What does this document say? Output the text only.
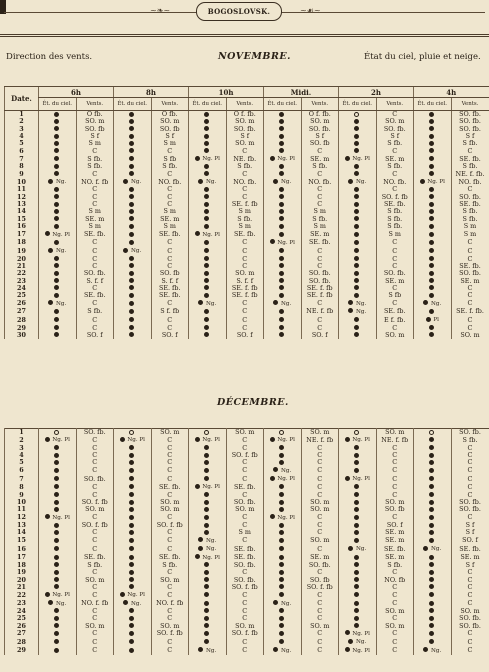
~❧~	BOGOSLOVSK.	~☙~
Direction des vents.	NOVEMBRE.	État du ciel, pluie et neige.
Date.	6h		8h		10h		Midi.		2h		4h	
	Ét. du ciel.	Vents.	Ét. du ciel.	Vents.	Ét. du ciel.	Vents.	Ét. du ciel.	Vents.	Ét. du ciel.	Vents.	Ét. du ciel.	Vents.
1		O fb.		O fb.		O f. fb.		O f. fb.		C		SO. fb.
2		SO. m		SO. m		SO. m		SO. m		SO. m		SO. fb.
3		SO. fb		SO. fb		SO. fb.		SO. fb.		SO. fb.		SO. fb.
4		S f		S f		S f		S f		S f		S f
5		S m		S m		SO. m		SO. fb		S fb.		S fb.
6		C		C		C		C		C		C
7		S fb.		S fb	Ng. Pl	NE. fb.	Ng. Pl	SE. m	Ng. Pl	SE. m		SE. fb.
8		S fb.		S fb.		S fb.		S fb.		S fb.		S fb.
9		C		C		C		C		C		NE. f. fb.
10	Ng.	NO. f. fb	Ng.	NO. fb.	Ng.	NO. fb.	Ng.	NO. fb.	Ng.	NO. fb.	Ng. Pl	NO. fb.
11		C		C		C		C		C		C
12		C		C		C		C		SO. f. fb		SO. fb.
13		C		C		SE. f. fb		C		SE. fb.		SE. fb.
14		S m		S m		S m		S m		S fb.		S fb.
15		SE. m		SE. m		S fb.		S fb.		S fb.		S fb.
16		S m		S m		S m		S m		S fb.		S m
17	Ng. Pl	SE. fb.		SE. fb.	Ng. Pl	SE. fb.		SE. m		S m		S m
18		C		C		C	Ng. Pl	SE. fb.		C		C
19	Ng.	C	Ng.	C		C		C		C		C
20		C		C		C		C		C		C
21		C		C		C		C		C		SE. fb.
22		SO. fb.		SO. fb		SO. m		SO. fb.		SO. fb.		SO. fb.
23		S. f. f		S. f. f		S. f. f		SO. fb.		SE. m		SE. m
24		C		SE. fb.		SE. f. fb		SE. f. fb		C		C
25		SE. fb.		SE. fb.		SE. f. fb		SE. f. fb		S fb		C
26	Ng.	C		C	Ng.	C	Ng.	C	Ng.	C	Ng.	C
27		S fb.		S f. fb		C		NE. f. fb	Ng.	SE. fb.		SE. f. fb.
28		C		C		C		C		E f. fb.	Pl	C
29		C		C		C		C		C		C
30		SO. f		SO. f		SO. f		SO. f		SO. m		SO. m
DÉCEMBRE.
1		SO. fb.		SO. m		SO. m		SO. m		SO. m		SO. fb.
2	Ng. Pl	C	Ng. Pl	C	Ng. Pl	C	Ng. Pl	NE. f. fb	Ng. Pl	NE. f. fb		S fb.
3		C		C		C		C		C		C
4		C		C		SO. f. fb		C		C		C
5		C		C		C		C		C		C
6		C		C		C	Ng.	C		C		C
7		SO. fb.		C		C	Ng. Pl	C	Ng. Pl	C		C
8		C		SE. fb.	Ng. Pl	SE. fb.		C		C		C
9		C		C		C		C		C		C
10		SO. f. fb		SO. m		SO. fb.		SO. m		SO. m		SO. fb.
11		SO. m		SO. m		SO. m		SO. m		SO. fb		SO. fb.
12	Ng. Pl	C		C		C	Ng. Pl	C		C		C
13		SO. f. fb		SO. f. fb		C		C		SO. f		S f
14		C		C		S m		C		SE. m		S f
15		C		C	Ng.	C		SO. m		SE. m		SO. f
16		C		C	Ng.	SE. fb.		C	Ng.	SE. fb.	Ng.	SE. fb.
17		SE. fb.		SE. fb.	Ng. Pl	SE. fb.		SE. m		SE. m		SE. m
18		S fb.		S fb.		SO. fb.		SO. fb.		S fb.		S f
19		C		C		C		C		C		C
20		SO. m		SO. m		SO. fb.		SO. fb		NO. fb		C
21		C		C		SO. f. fb		SO. f. fb		C		C
22	Ng. Pl	C	Ng. Pl	C		C		C		C		C
23	Ng.	NO. f. fb	Ng.	NO. f. fb		C	Ng.	C		C		C
24		C		C		C		C		SO. m		SO. m
25		C		C		C		C		C		SO. fb.
26		SO. m		SO. m		SO. m		SO. m		SO. m		SO. fb.
27		C		SO. f. fb		SO. f. fb		C	Ng. Pl	C		C
28		C		C		C		C	Ng.	C		C
29		C		C	Ng.	C	Ng.	C	Ng. Pl	C	Ng.	C
